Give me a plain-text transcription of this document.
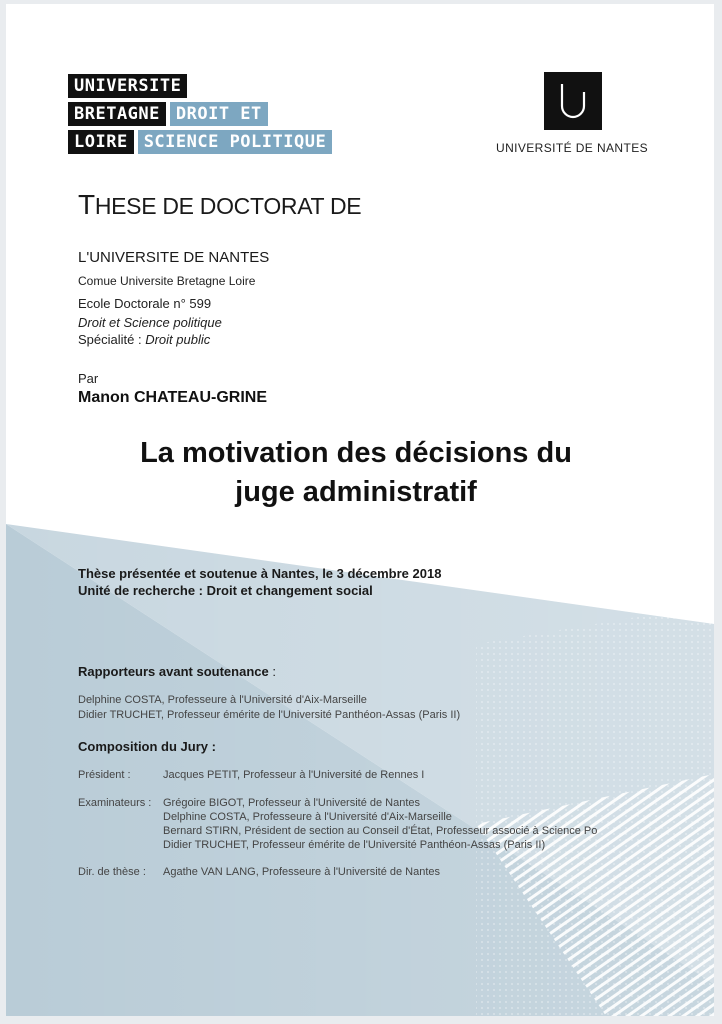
UNIVERSITE
BRETAGNE DROIT ET
LOIRE SCIENCE POLITIQUE	UNIVERSITÉ DE NANTES
THESE DE DOCTORAT DE
L'UNIVERSITE DE NANTES
Comue Universite Bretagne Loire
Ecole Doctorale n° 599
Droit et Science politique
Spécialité : Droit public
Par
Manon CHATEAU-GRINE
La motivation des décisions du
juge administratif
Thèse présentée et soutenue à Nantes, le 3 décembre 2018
Unité de recherche : Droit et changement social
Rapporteurs avant soutenance :
Delphine COSTA, Professeure à l'Université d'Aix-Marseille
Didier TRUCHET, Professeur émérite de l'Université Panthéon-Assas (Paris II)
Composition du Jury :
Président :	Jacques PETIT, Professeur à l'Université de Rennes I
Examinateurs : Grégoire BIGOT, Professeur à l'Université de Nantes
Delphine COSTA, Professeure à l'Université d'Aix-Marseille
Bernard STIRN, Président de section au Conseil d'État, Professeur associé à Science Po
Didier TRUCHET, Professeur émérite de l'Université Panthéon-Assas (Paris II)
Dir. de thèse : Agathe VAN LANG, Professeure à l'Université de Nantes
